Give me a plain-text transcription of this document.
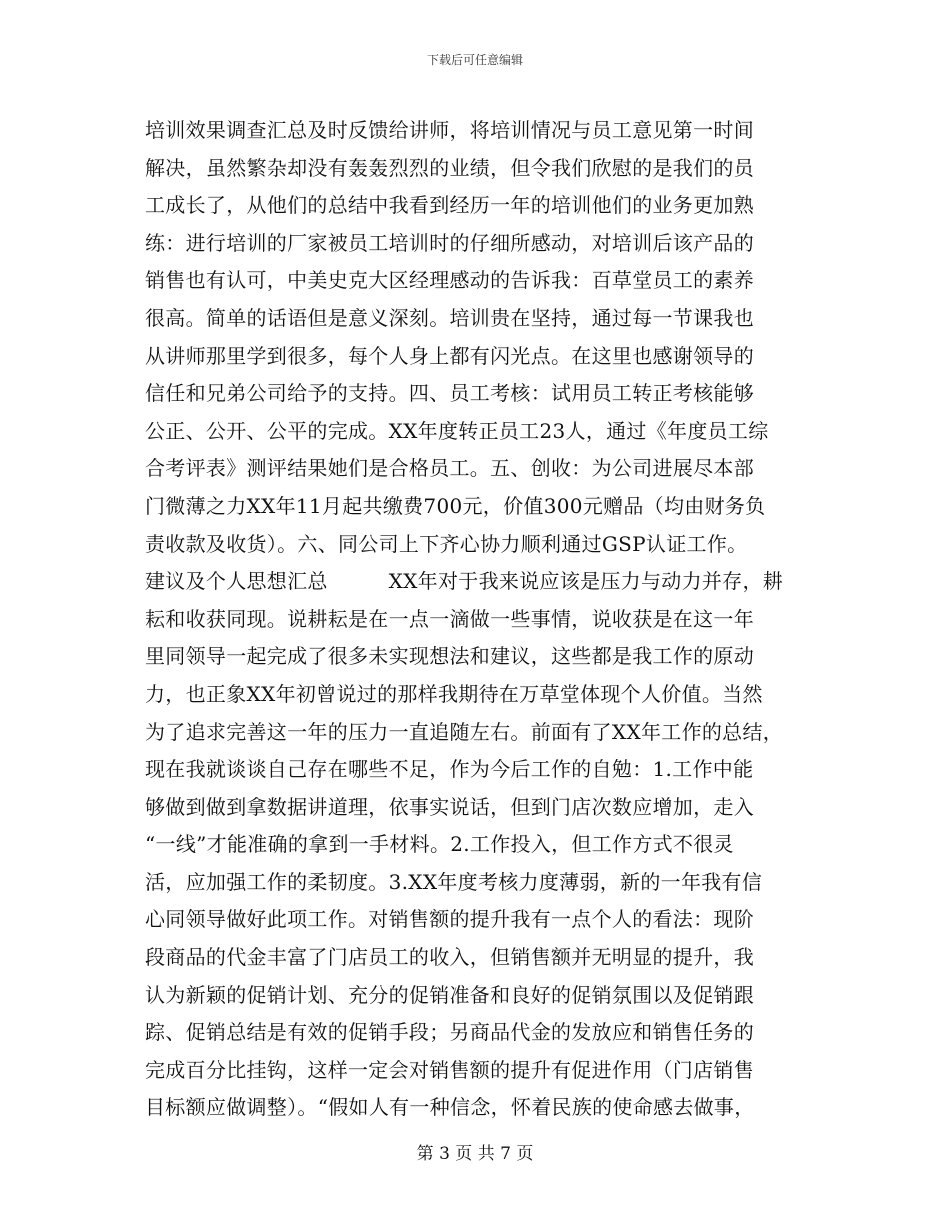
下载后可任意编辑
培训效果调查汇总及时反馈给讲师，将培训情况与员工意见第一时间
解决，虽然繁杂却没有轰轰烈烈的业绩，但令我们欣慰的是我们的员
工成长了，从他们的总结中我看到经历一年的培训他们的业务更加熟
练：进行培训的厂家被员工培训时的仔细所感动，对培训后该产品的
销售也有认可，中美史克大区经理感动的告诉我：百草堂员工的素养
很高。简单的话语但是意义深刻。培训贵在坚持，通过每一节课我也
从讲师那里学到很多，每个人身上都有闪光点。在这里也感谢领导的
信任和兄弟公司给予的支持。四、员工考核：试用员工转正考核能够
公正、公开、公平的完成。XX年度转正员工23人，通过《年度员工综
合考评表》测评结果她们是合格员工。五、创收：为公司进展尽本部
门微薄之力XX年11月起共缴费700元，价值300元赠品（均由财务负
责收款及收货）。六、同公司上下齐心协力顺利通过GSP认证工作。
建议及个人思想汇总　　　XX年对于我来说应该是压力与动力并存，耕
耘和收获同现。说耕耘是在一点一滴做一些事情，说收获是在这一年
里同领导一起完成了很多未实现想法和建议，这些都是我工作的原动
力，也正象XX年初曾说过的那样我期待在万草堂体现个人价值。当然
为了追求完善这一年的压力一直追随左右。前面有了XX年工作的总结，
现在我就谈谈自己存在哪些不足，作为今后工作的自勉：1.工作中能
够做到做到拿数据讲道理，依事实说话，但到门店次数应增加，走入
“一线”才能准确的拿到一手材料。2.工作投入，但工作方式不很灵
活，应加强工作的柔韧度。3.XX年度考核力度薄弱，新的一年我有信
心同领导做好此项工作。对销售额的提升我有一点个人的看法：现阶
段商品的代金丰富了门店员工的收入，但销售额并无明显的提升，我
认为新颖的促销计划、充分的促销准备和良好的促销氛围以及促销跟
踪、促销总结是有效的促销手段；另商品代金的发放应和销售任务的
完成百分比挂钩，这样一定会对销售额的提升有促进作用（门店销售
目标额应做调整）。“假如人有一种信念，怀着民族的使命感去做事，
第 3 页 共 7 页
